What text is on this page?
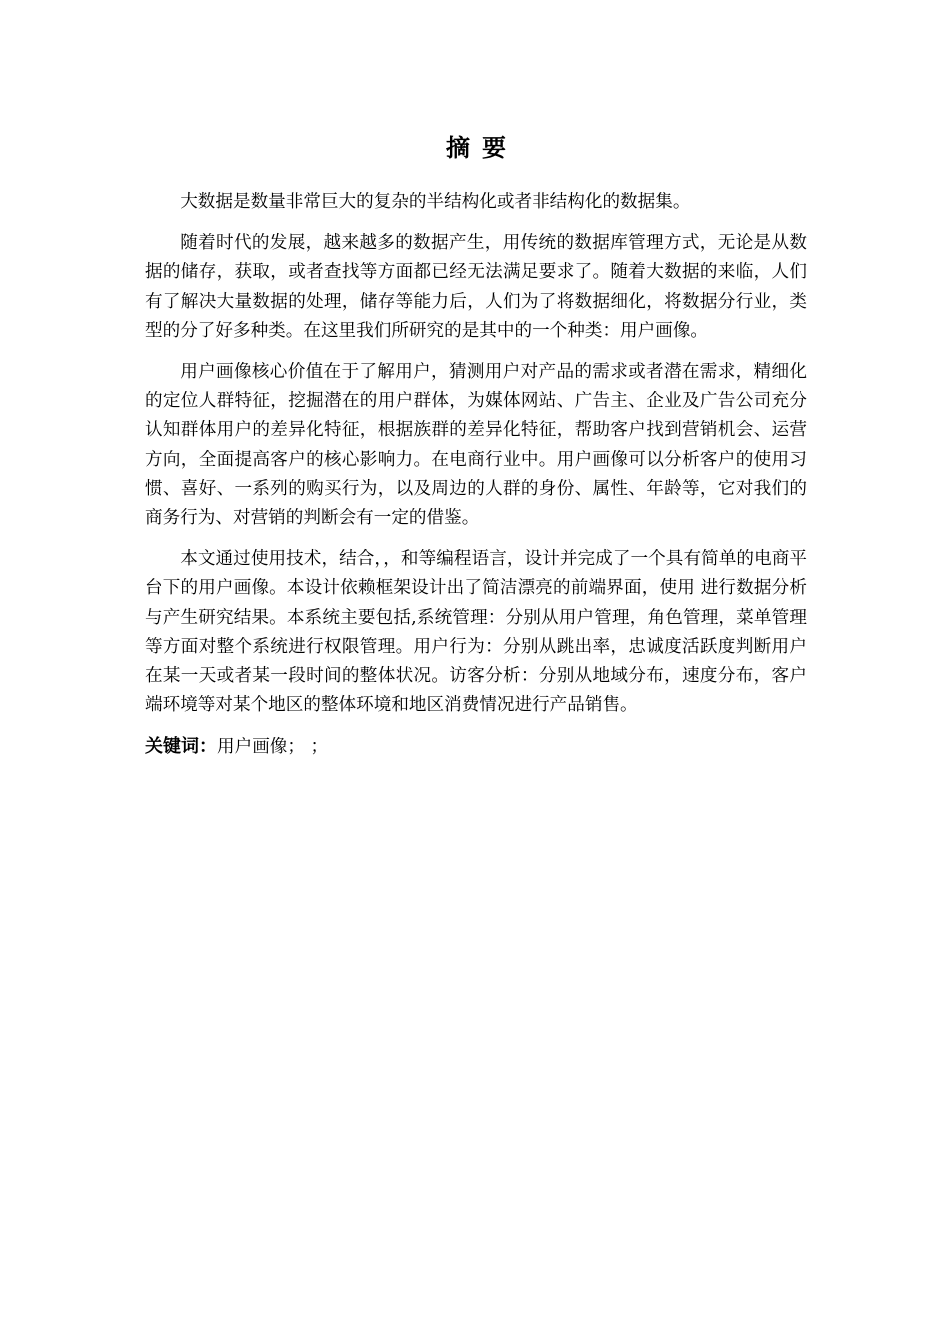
摘要

大数据是数量非常巨大的复杂的半结构化或者非结构化的数据集。

随着时代的发展，越来越多的数据产生，用传统的数据库管理方式，无论是从数据的储存，获取，或者查找等方面都已经无法满足要求了。随着大数据的来临，人们有了解决大量数据的处理，储存等能力后，人们为了将数据细化，将数据分行业，类型的分了好多种类。在这里我们所研究的是其中的一个种类：用户画像。

用户画像核心价值在于了解用户，猜测用户对产品的需求或者潜在需求，精细化的定位人群特征，挖掘潜在的用户群体，为媒体网站、广告主、企业及广告公司充分认知群体用户的差异化特征，根据族群的差异化特征，帮助客户找到营销机会、运营方向，全面提高客户的核心影响力。在电商行业中。用户画像可以分析客户的使用习惯、喜好、一系列的购买行为，以及周边的人群的身份、属性、年龄等，它对我们的商务行为、对营销的判断会有一定的借鉴。

本文通过使用技术，结合，，和等编程语言，设计并完成了一个具有简单的电商平台下的用户画像。本设计依赖框架设计出了简洁漂亮的前端界面，使用 进行数据分析与产生研究结果。本系统主要包括,系统管理：分别从用户管理，角色管理，菜单管理等方面对整个系统进行权限管理。用户行为：分别从跳出率，忠诚度活跃度判断用户在某一天或者某一段时间的整体状况。访客分析：分别从地域分布，速度分布，客户端环境等对某个地区的整体环境和地区消费情况进行产品销售。

关键词：用户画像； ；
